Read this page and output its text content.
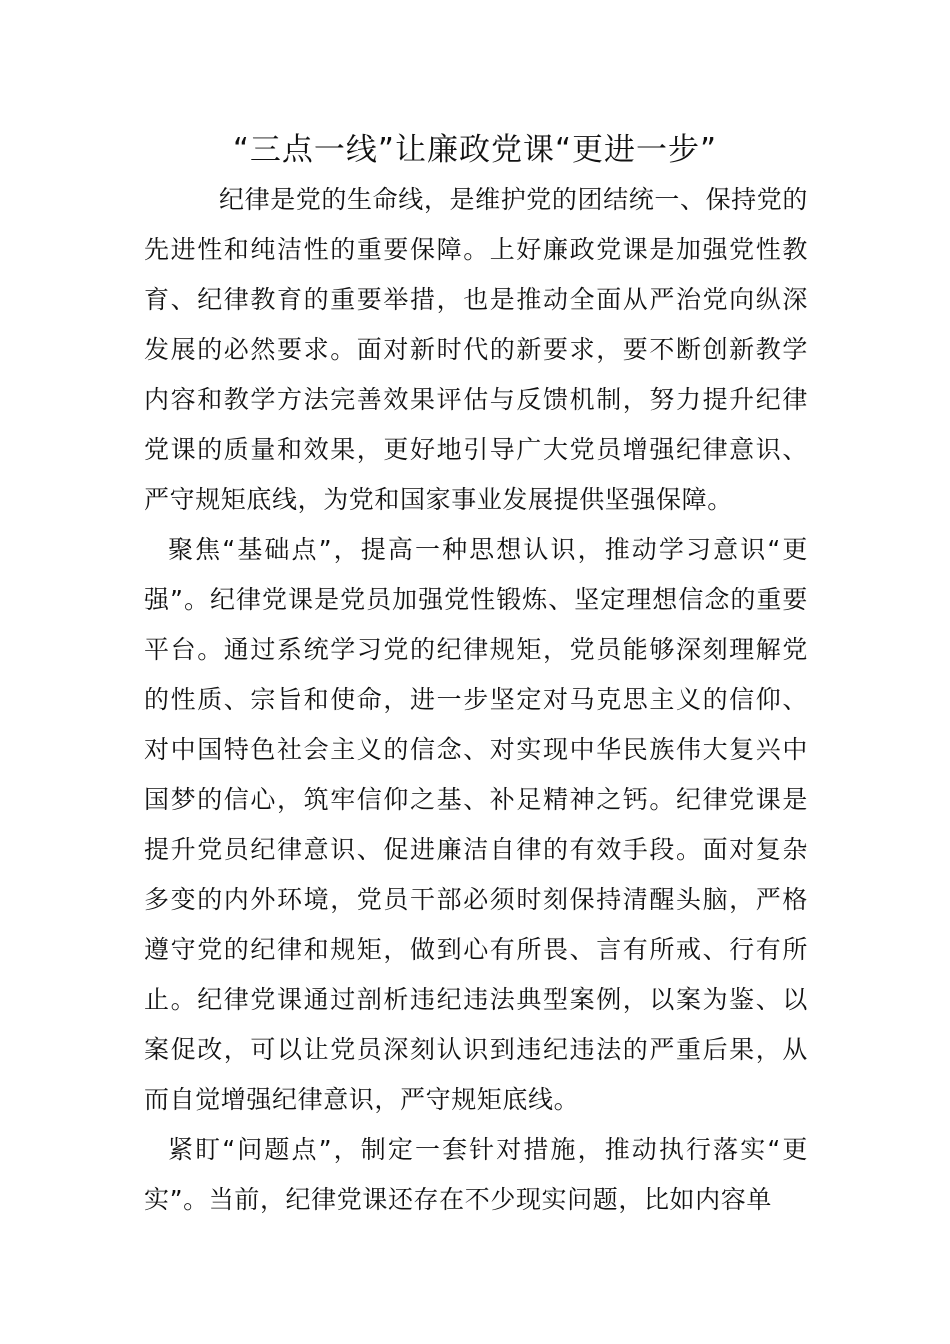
“三点一线”让廉政党课“更进一步”

纪律是党的生命线，是维护党的团结统一、保持党的先进性和纯洁性的重要保障。上好廉政党课是加强党性教育、纪律教育的重要举措，也是推动全面从严治党向纵深发展的必然要求。面对新时代的新要求，要不断创新教学内容和教学方法完善效果评估与反馈机制，努力提升纪律党课的质量和效果，更好地引导广大党员增强纪律意识、严守规矩底线，为党和国家事业发展提供坚强保障。

聚焦“基础点”，提高一种思想认识，推动学习意识“更强”。纪律党课是党员加强党性锻炼、坚定理想信念的重要平台。通过系统学习党的纪律规矩，党员能够深刻理解党的性质、宗旨和使命，进一步坚定对马克思主义的信仰、对中国特色社会主义的信念、对实现中华民族伟大复兴中国梦的信心，筑牢信仰之基、补足精神之钙。纪律党课是提升党员纪律意识、促进廉洁自律的有效手段。面对复杂多变的内外环境，党员干部必须时刻保持清醒头脑，严格遵守党的纪律和规矩，做到心有所畏、言有所戒、行有所止。纪律党课通过剖析违纪违法典型案例，以案为鉴、以案促改，可以让党员深刻认识到违纪违法的严重后果，从而自觉增强纪律意识，严守规矩底线。

紧盯“问题点”，制定一套针对措施，推动执行落实“更实”。当前，纪律党课还存在不少现实问题，比如内容单
